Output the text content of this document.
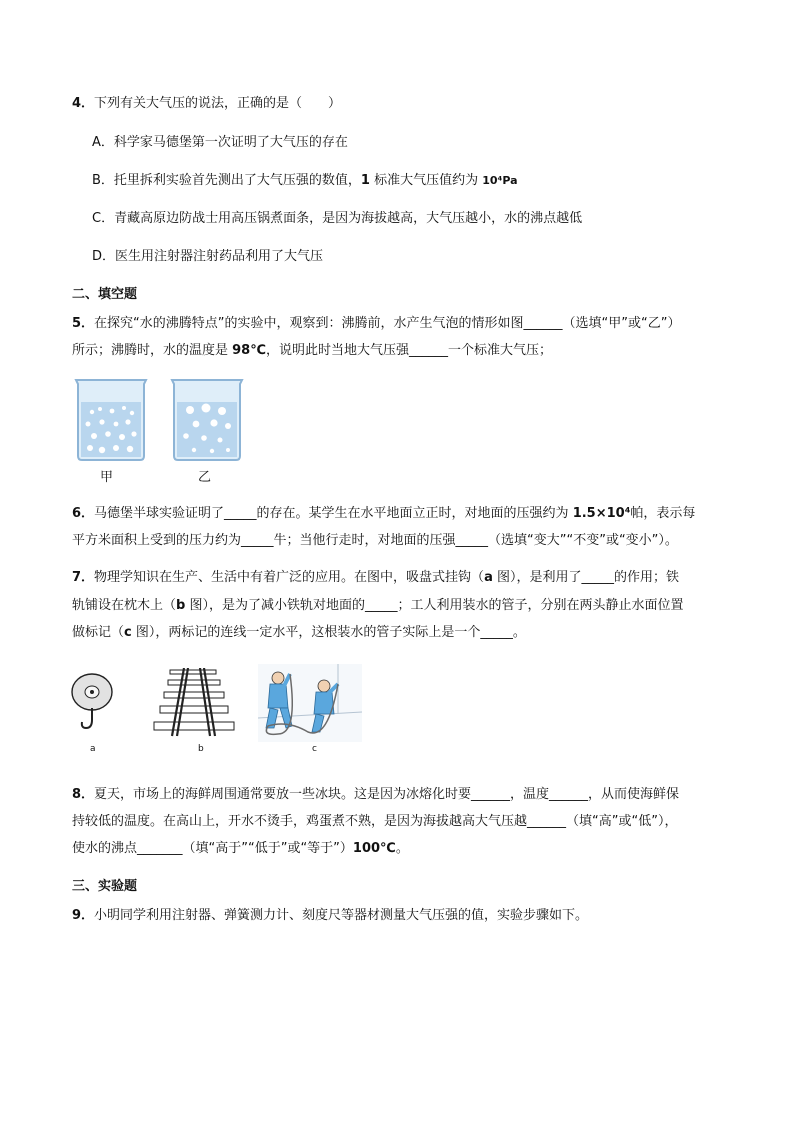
4．下列有关大气压的说法，正确的是（　　）
A．科学家马德堡第一次证明了大气压的存在
B．托里拆利实验首先测出了大气压强的数值，1 标准大气压值约为 10⁴Pa
C．青藏高原边防战士用高压锅煮面条，是因为海拔越高，大气压越小，水的沸点越低
D．医生用注射器注射药品利用了大气压
二、填空题
5．在探究“水的沸腾特点”的实验中，观察到：沸腾前，水产生气泡的情形如图______（选填“甲”或“乙”）
所示；沸腾时，水的温度是 98℃，说明此时当地大气压强______一个标准大气压；
甲	乙
6．马德堡半球实验证明了_____的存在。某学生在水平地面立正时，对地面的压强约为 1.5×10⁴帕，表示每
平方米面积上受到的压力约为_____牛；当他行走时，对地面的压强_____（选填“变大”“不变”或“变小”）。
7．物理学知识在生产、生活中有着广泛的应用。在图中，吸盘式挂钩（a 图），是利用了_____的作用；铁
轨铺设在枕木上（b 图），是为了减小铁轨对地面的_____；工人利用装水的管子，分别在两头静止水面位置
做标记（c 图），两标记的连线一定水平，这根装水的管子实际上是一个_____。
a	b	c
8．夏天，市场上的海鲜周围通常要放一些冰块。这是因为冰熔化时要______，温度______，从而使海鲜保
持较低的温度。在高山上，开水不烫手，鸡蛋煮不熟，是因为海拔越高大气压越______（填“高”或“低”），
使水的沸点_______（填“高于”“低于”或“等于”）100℃。
三、实验题
9．小明同学利用注射器、弹簧测力计、刻度尺等器材测量大气压强的值，实验步骤如下。
